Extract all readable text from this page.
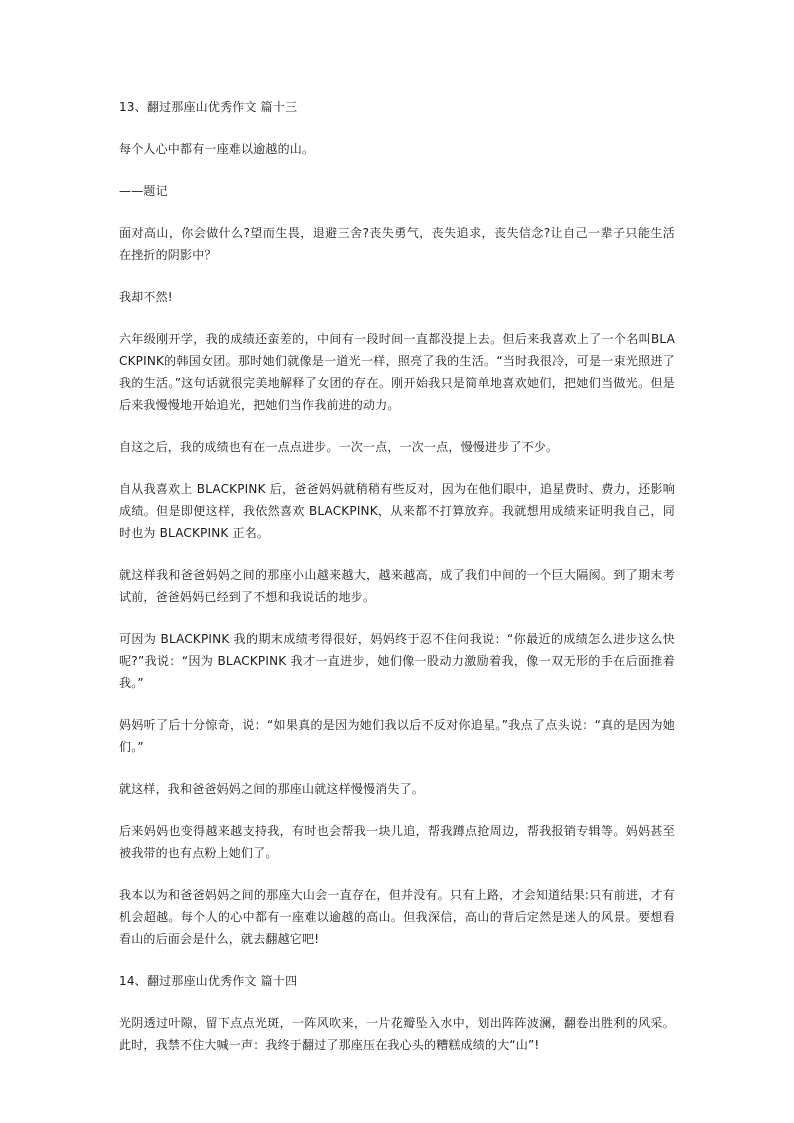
13、翻过那座山优秀作文 篇十三

每个人心中都有一座难以逾越的山。

——题记

面对高山，你会做什么?望而生畏，退避三舍?丧失勇气，丧失追求，丧失信念?让自己一辈子只能生活在挫折的阴影中？

我却不然!

六年级刚开学，我的成绩还蛮差的，中间有一段时间一直都没提上去。但后来我喜欢上了一个名叫BLACKPINK的韩国女团。那时她们就像是一道光一样，照亮了我的生活。“当时我很冷，可是一束光照进了我的生活。”这句话就很完美地解释了女团的存在。刚开始我只是简单地喜欢她们，把她们当做光。但是后来我慢慢地开始追光，把她们当作我前进的动力。

自这之后，我的成绩也有在一点点进步。一次一点，一次一点，慢慢进步了不少。

自从我喜欢上 BLACKPINK 后，爸爸妈妈就稍稍有些反对，因为在他们眼中，追星费时、费力，还影响成绩。但是即便这样，我依然喜欢 BLACKPINK，从来都不打算放弃。我就想用成绩来证明我自己，同时也为 BLACKPINK 正名。

就这样我和爸爸妈妈之间的那座小山越来越大，越来越高，成了我们中间的一个巨大隔阂。到了期末考试前，爸爸妈妈已经到了不想和我说话的地步。

可因为 BLACKPINK 我的期末成绩考得很好，妈妈终于忍不住问我说：“你最近的成绩怎么进步这么快呢?”我说：“因为 BLACKPINK 我才一直进步，她们像一股动力激励着我，像一双无形的手在后面推着我。”

妈妈听了后十分惊奇，说：“如果真的是因为她们我以后不反对你追星。”我点了点头说：“真的是因为她们。”

就这样，我和爸爸妈妈之间的那座山就这样慢慢消失了。

后来妈妈也变得越来越支持我，有时也会帮我一块儿追，帮我蹲点抢周边，帮我报销专辑等。妈妈甚至被我带的也有点粉上她们了。

我本以为和爸爸妈妈之间的那座大山会一直存在，但并没有。只有上路，才会知道结果:只有前进，才有机会超越。每个人的心中都有一座难以逾越的高山。但我深信，高山的背后定然是迷人的风景。要想看看山的后面会是什么，就去翻越它吧!

14、翻过那座山优秀作文 篇十四

光阴透过叶隙，留下点点光斑，一阵风吹来，一片花瓣坠入水中，划出阵阵波澜，翻卷出胜利的风采。此时，我禁不住大喊一声：我终于翻过了那座压在我心头的糟糕成绩的大“山”!
